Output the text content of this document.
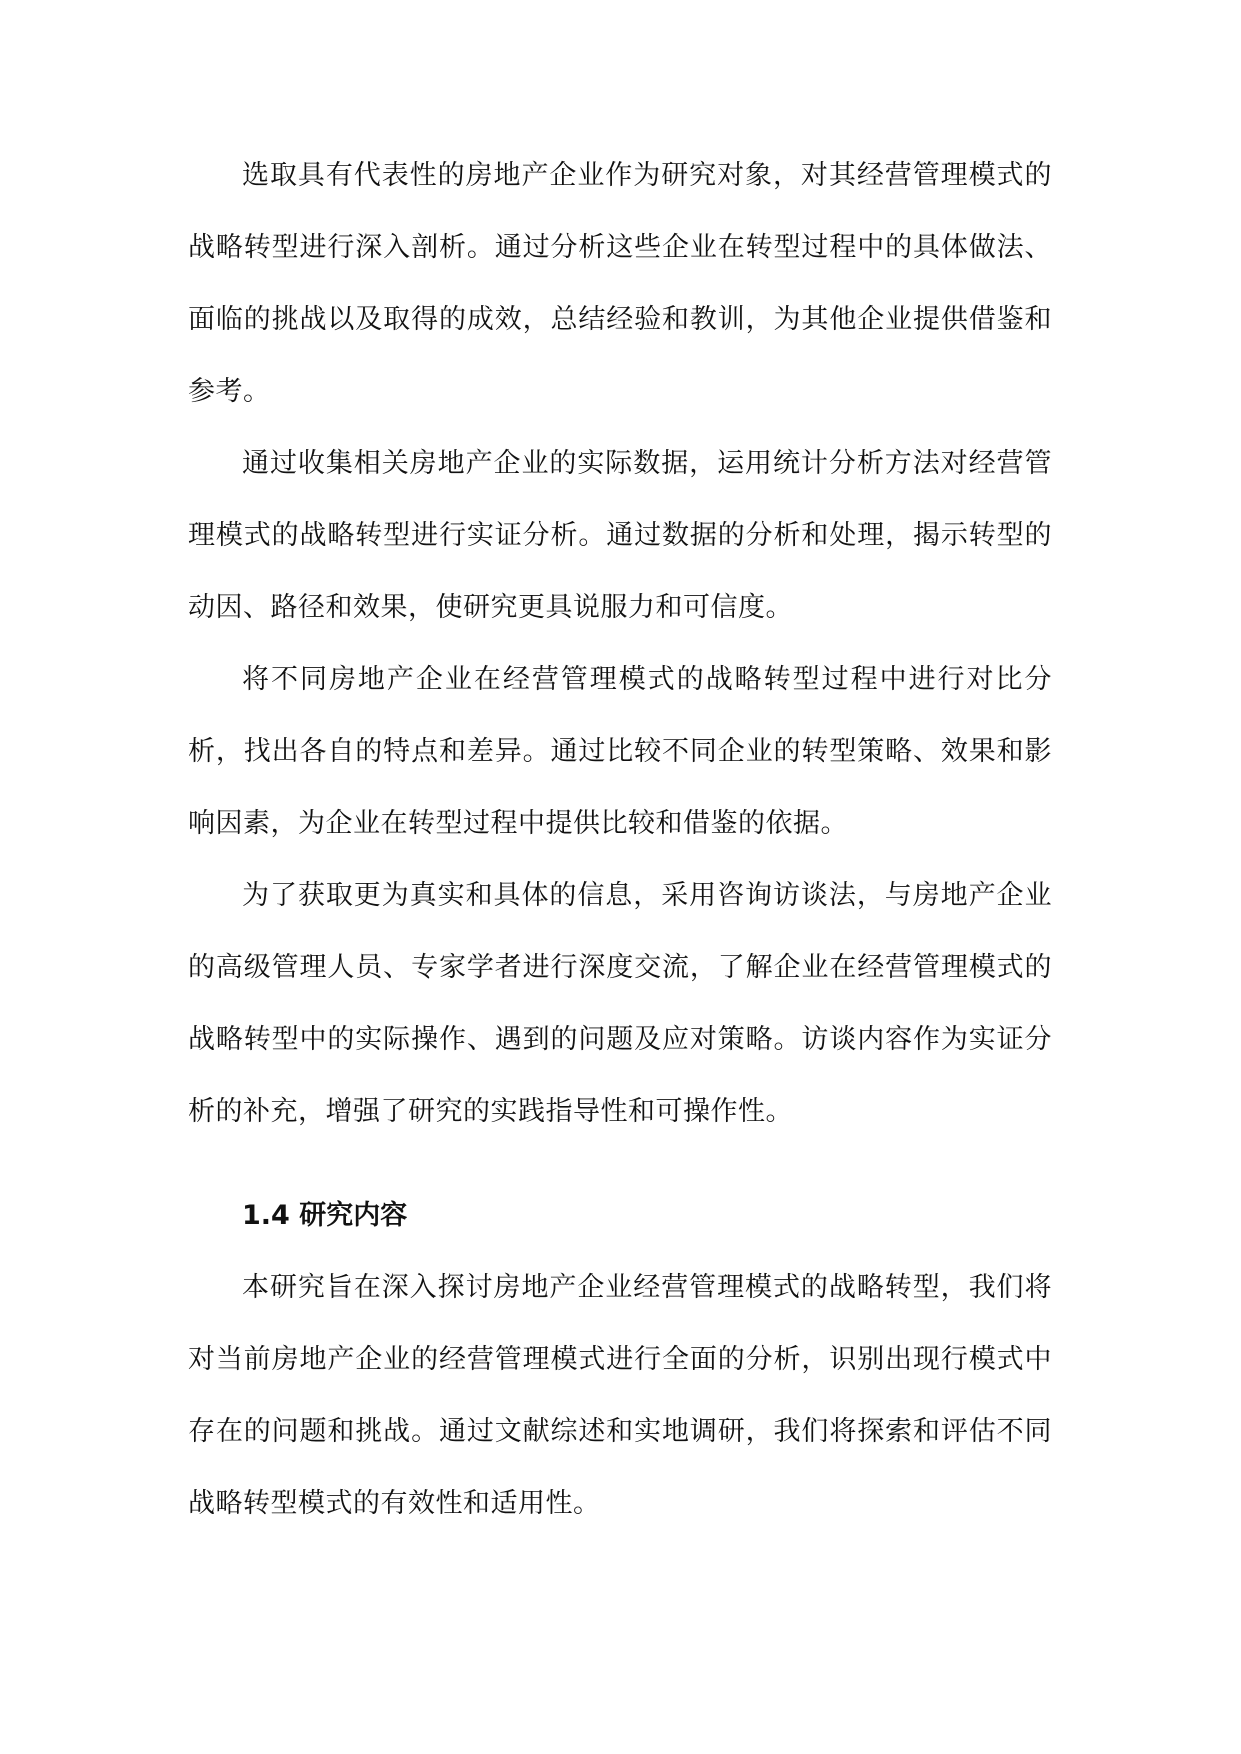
选取具有代表性的房地产企业作为研究对象，对其经营管理模式的战略转型进行深入剖析。通过分析这些企业在转型过程中的具体做法、面临的挑战以及取得的成效，总结经验和教训，为其他企业提供借鉴和参考。

通过收集相关房地产企业的实际数据，运用统计分析方法对经营管理模式的战略转型进行实证分析。通过数据的分析和处理，揭示转型的动因、路径和效果，使研究更具说服力和可信度。

将不同房地产企业在经营管理模式的战略转型过程中进行对比分析，找出各自的特点和差异。通过比较不同企业的转型策略、效果和影响因素，为企业在转型过程中提供比较和借鉴的依据。

为了获取更为真实和具体的信息，采用咨询访谈法，与房地产企业的高级管理人员、专家学者进行深度交流，了解企业在经营管理模式的战略转型中的实际操作、遇到的问题及应对策略。访谈内容作为实证分析的补充，增强了研究的实践指导性和可操作性。

1.4 研究内容

本研究旨在深入探讨房地产企业经营管理模式的战略转型，我们将对当前房地产企业的经营管理模式进行全面的分析，识别出现行模式中存在的问题和挑战。通过文献综述和实地调研，我们将探索和评估不同战略转型模式的有效性和适用性。
